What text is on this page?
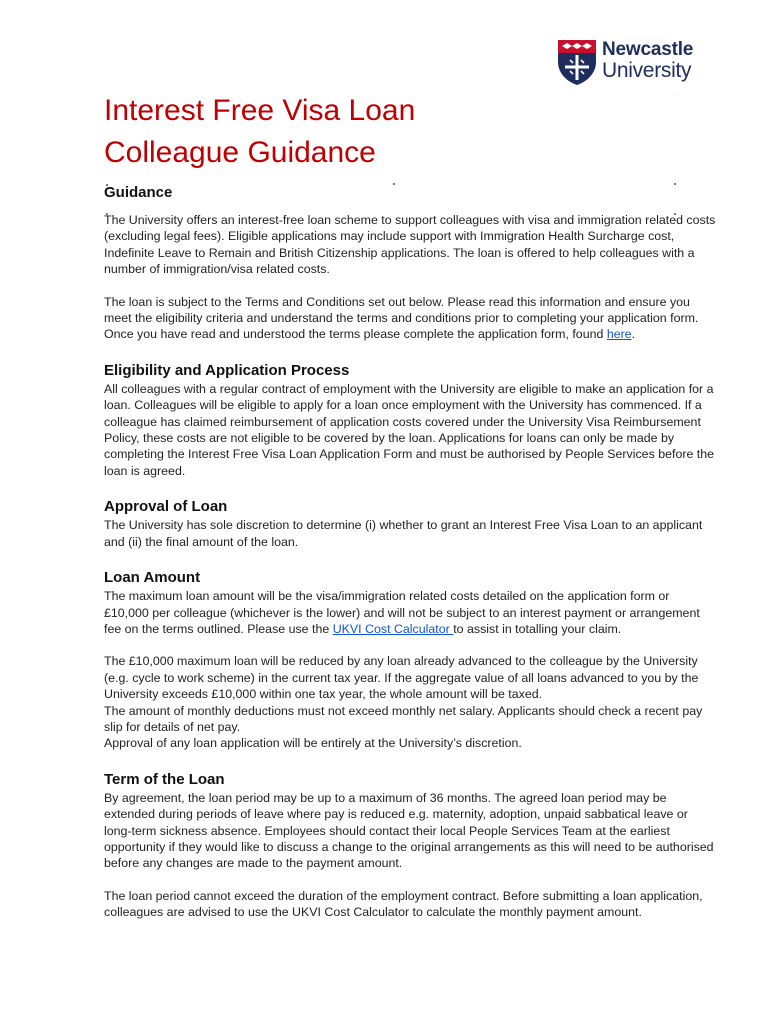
Newcastle
University
Interest Free Visa Loan
Colleague Guidance
Guidance

The University offers an interest-free loan scheme to support colleagues with visa and immigration related costs (excluding legal fees). Eligible applications may include support with Immigration Health Surcharge cost, Indefinite Leave to Remain and British Citizenship applications. The loan is offered to help colleagues with a number of immigration/visa related costs.

The loan is subject to the Terms and Conditions set out below. Please read this information and ensure you meet the eligibility criteria and understand the terms and conditions prior to completing your application form. Once you have read and understood the terms please complete the application form, found here.

Eligibility and Application Process

All colleagues with a regular contract of employment with the University are eligible to make an application for a loan. Colleagues will be eligible to apply for a loan once employment with the University has commenced. If a colleague has claimed reimbursement of application costs covered under the University Visa Reimbursement Policy, these costs are not eligible to be covered by the loan. Applications for loans can only be made by completing the Interest Free Visa Loan Application Form and must be authorised by People Services before the loan is agreed.

Approval of Loan

The University has sole discretion to determine (i) whether to grant an Interest Free Visa Loan to an applicant and (ii) the final amount of the loan.

Loan Amount

The maximum loan amount will be the visa/immigration related costs detailed on the application form or £10,000 per colleague (whichever is the lower) and will not be subject to an interest payment or arrangement fee on the terms outlined. Please use the UKVI Cost Calculator to assist in totalling your claim.

The £10,000 maximum loan will be reduced by any loan already advanced to the colleague by the University (e.g. cycle to work scheme) in the current tax year. If the aggregate value of all loans advanced to you by the University exceeds £10,000 within one tax year, the whole amount will be taxed.

The amount of monthly deductions must not exceed monthly net salary. Applicants should check a recent pay slip for details of net pay.

Approval of any loan application will be entirely at the University’s discretion.

Term of the Loan

By agreement, the loan period may be up to a maximum of 36 months. The agreed loan period may be extended during periods of leave where pay is reduced e.g. maternity, adoption, unpaid sabbatical leave or long-term sickness absence. Employees should contact their local People Services Team at the earliest opportunity if they would like to discuss a change to the original arrangements as this will need to be authorised before any changes are made to the payment amount.

The loan period cannot exceed the duration of the employment contract. Before submitting a loan application, colleagues are advised to use the UKVI Cost Calculator to calculate the monthly payment amount.
